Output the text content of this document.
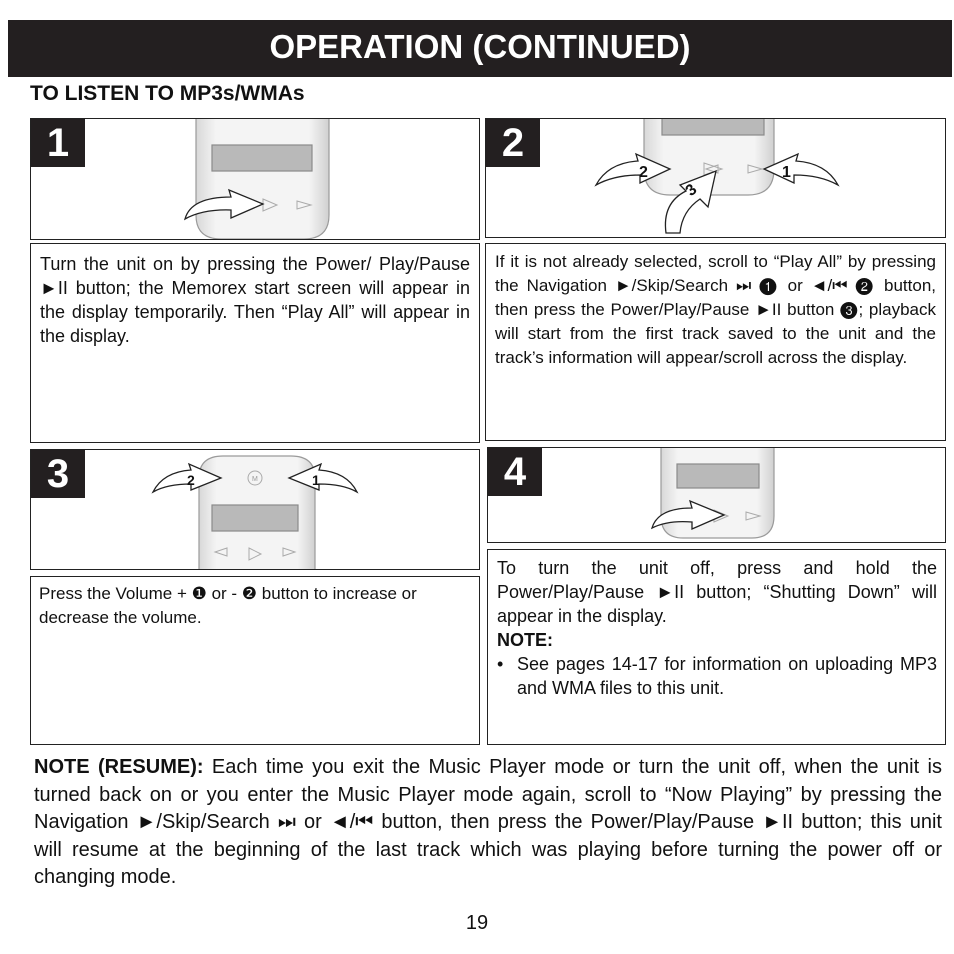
OPERATION (CONTINUED)
TO LISTEN TO MP3s/WMAs
1
Turn the unit on by pressing the Power/ Play/Pause ►II button; the Memorex start screen will appear in the display temporarily. Then “Play All” will appear in the display.
2
2
3
1
If it is not already selected, scroll to “Play All” by pressing the Navigation ►/Skip/Search ⏭ ❶ or ◄/⏮ ❷ button, then press the Power/Play/Pause ►II button ❸; playback will start from the first track saved to the unit and the track’s information will appear/scroll across the display.
3	M
2	1
Press the Volume + ❶ or - ❷ button to increase or decrease the volume.
4
To turn the unit off, press and hold the Power/Play/Pause ►II button; “Shutting Down” will appear in the display.
NOTE:
• See pages 14-17 for information on uploading MP3 and WMA files to this unit.
NOTE (RESUME): Each time you exit the Music Player mode or turn the unit off, when the unit is turned back on or you enter the Music Player mode again, scroll to “Now Playing” by pressing the Navigation ►/Skip/Search ⏭ or ◄/⏮ button, then press the Power/Play/Pause ►II button; this unit will resume at the beginning of the last track which was playing before turning the power off or changing mode.
19
